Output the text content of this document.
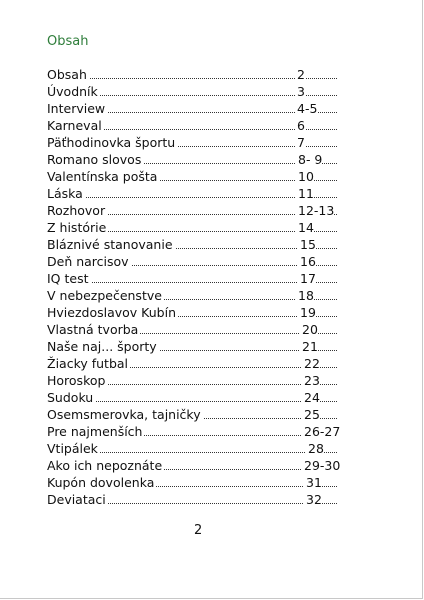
Obsah
Obsah	2
Úvodník	3
Interview	4-5
Karneval	6
Päťhodinovka športu	7
Romano slovos	8- 9
Valentínska pošta	10
Láska	11
Rozhovor	12-13
Z histórie	14
Bláznivé stanovanie	15
Deň narcisov	16
IQ test	17
V nebezpečenstve	18
Hviezdoslavov Kubín	19
Vlastná tvorba	20
Naše naj... športy	21
Žiacky futbal	22
Horoskop	23
Sudoku	24
Osemsmerovka, tajničky	25
Pre najmenších	26-27
Vtipálek	28
Ako ich nepoznáte	29-30
Kupón dovolenka	31
Deviataci	32
2
